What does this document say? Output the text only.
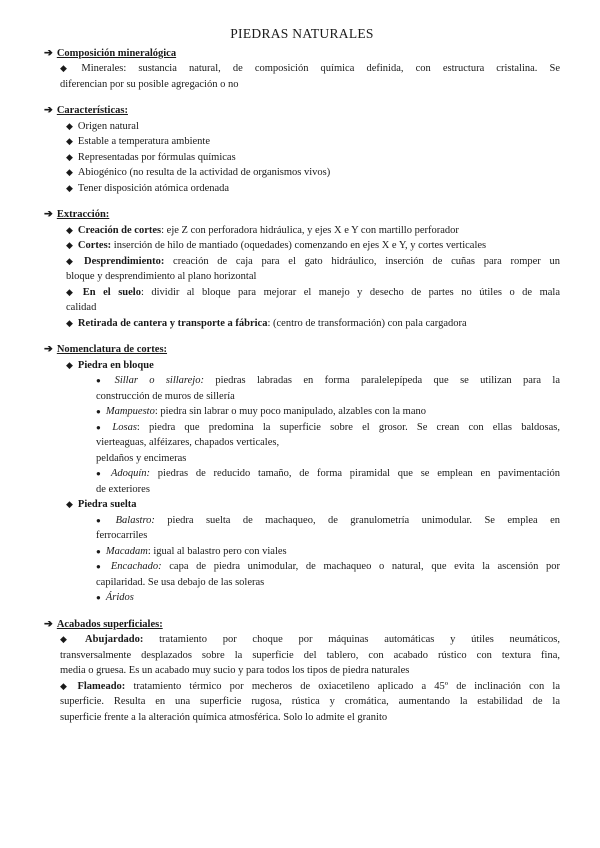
PIEDRAS NATURALES
➔ Composición mineralógica
◆ Minerales: sustancia natural, de composición química definida, con estructura cristalina. Se
diferencian por su posible agregación o no
➔ Características:
◆ Origen natural
◆ Estable a temperatura ambiente
◆ Representadas por fórmulas químicas
◆ Abiogénico (no resulta de la actividad de organismos vivos)
◆ Tener disposición atómica ordenada
➔ Extracción:
◆ Creación de cortes: eje Z con perforadora hidráulica, y ejes X e Y con martillo perforador
◆ Cortes: inserción de hilo de mantiado (oquedades) comenzando en ejes X e Y, y cortes verticales
◆ Desprendimiento: creación de caja para el gato hidráulico, inserción de cuñas para romper un
bloque y desprendimiento al plano horizontal
◆ En el suelo: dividir al bloque para mejorar el manejo y desecho de partes no útiles o de mala
calidad
◆ Retirada de cantera y transporte a fábrica: (centro de transformación) con pala cargadora
➔ Nomenclatura de cortes:
◆ Piedra en bloque
● Sillar o sillarejo: piedras labradas en forma paralelepípeda que se utilizan para la
construcción de muros de sillería
● Mampuesto: piedra sin labrar o muy poco manipulado, alzables con la mano
● Losas: piedra que predomina la superficie sobre el grosor. Se crean con ellas baldosas,
vierteaguas, alféizares, chapados verticales,
peldaños y encimeras
● Adoquín: piedras de reducido tamaño, de forma piramidal que se emplean en pavimentación
de exteriores
◆ Piedra suelta
● Balastro: piedra suelta de machaqueo, de granulometría unimodular. Se emplea en
ferrocarriles
● Macadam: igual al balastro pero con viales
● Encachado: capa de piedra unimodular, de machaqueo o natural, que evita la ascensión por
capilaridad. Se usa debajo de las soleras
● Áridos
➔ Acabados superficiales:
◆ Abujardado: tratamiento por choque por máquinas automáticas y útiles neumáticos,
transversalmente desplazados sobre la superficie del tablero, con acabado rústico con textura fina,
media o gruesa. Es un acabado muy sucio y para todos los tipos de piedra naturales
◆ Flameado: tratamiento térmico por mecheros de oxiacetileno aplicado a 45º de inclinación con la
superficie. Resulta en una superficie rugosa, rústica y cromática, aumentando la estabilidad de la
superficie frente a la alteración química atmosférica. Solo lo admite el granito
